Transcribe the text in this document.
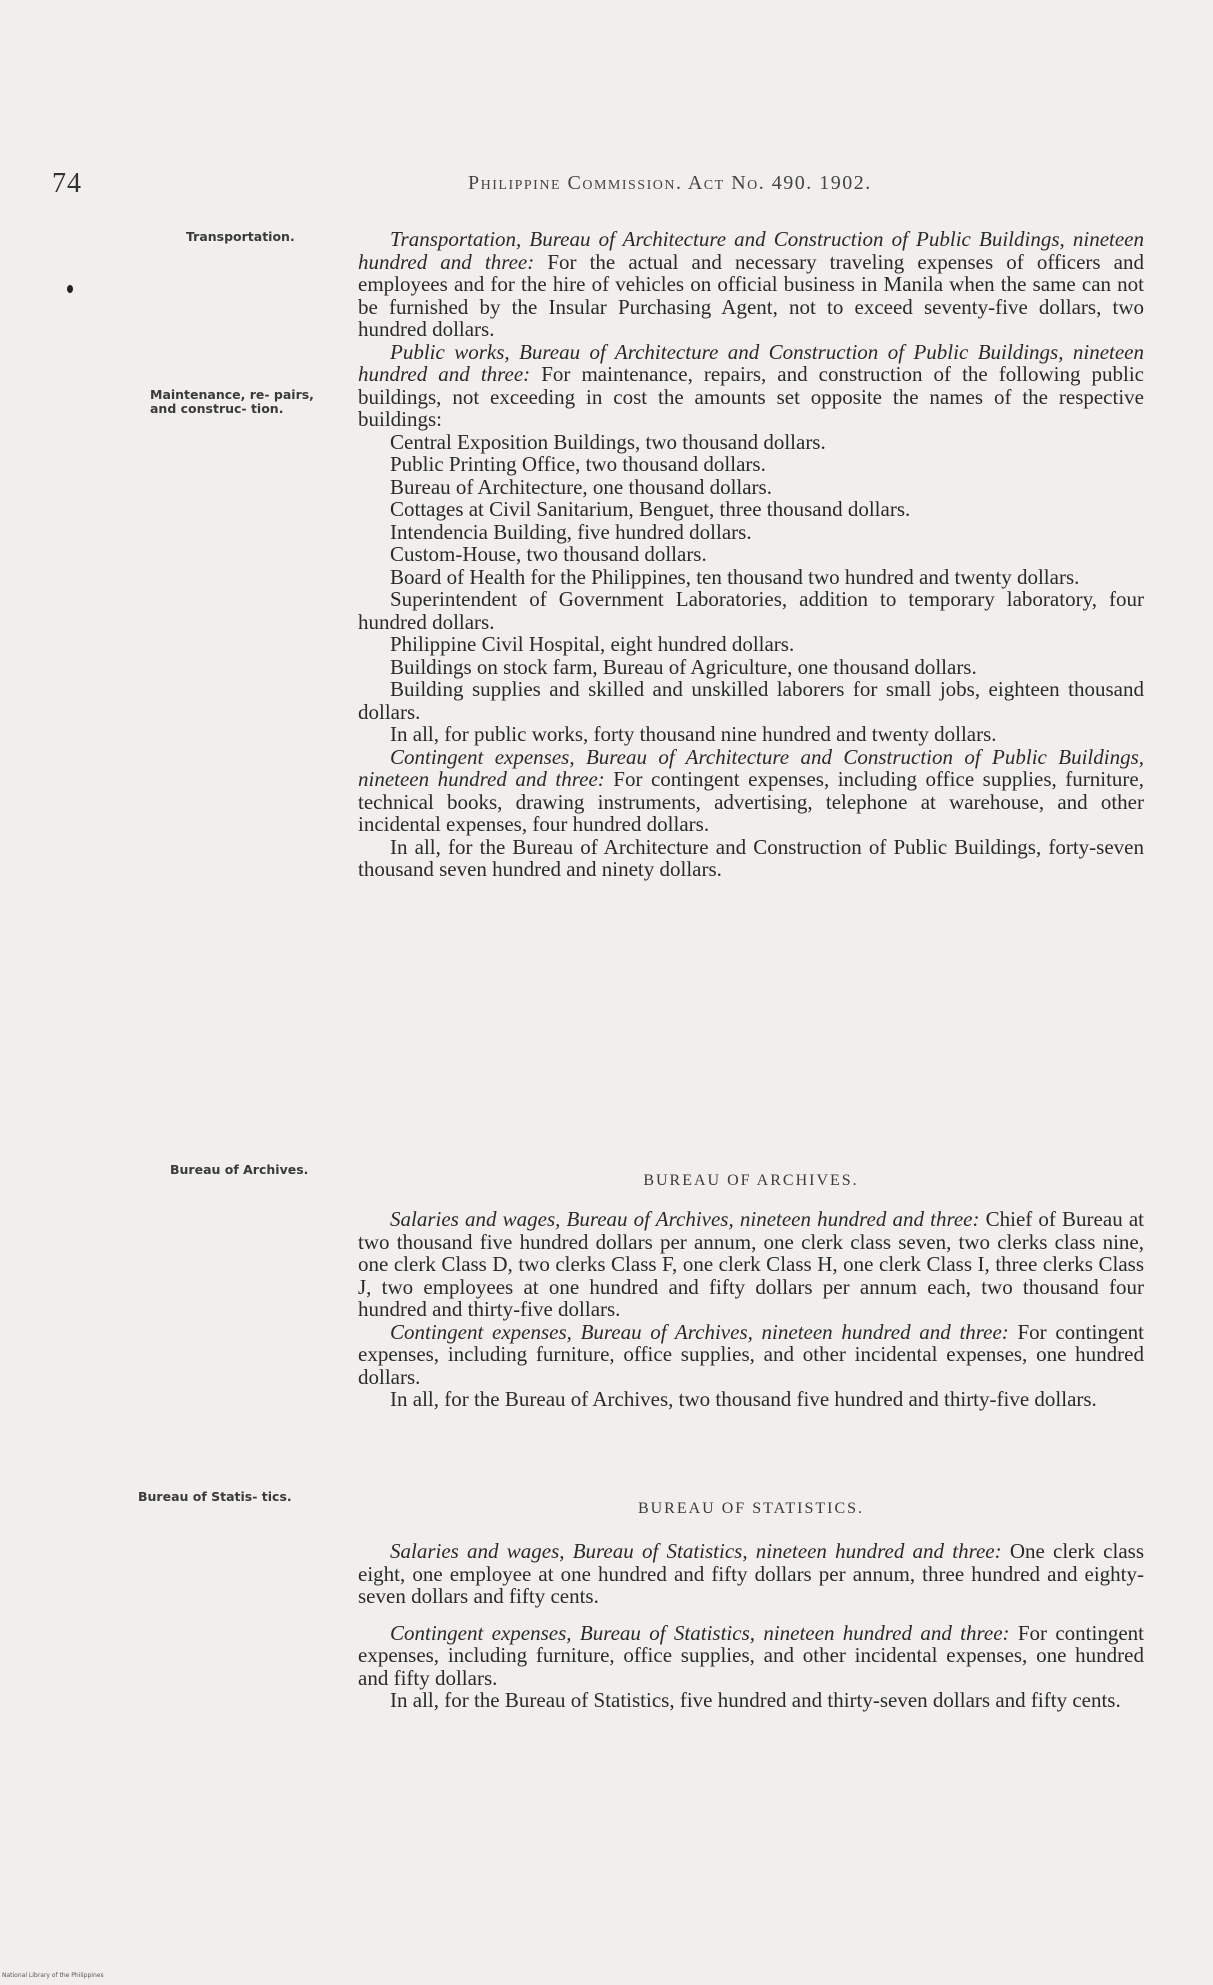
74	Philippine Commission. Act No. 490. 1902.
Transportation.
Maintenance, re- pairs, and construc- tion.
Bureau of Archives.
Bureau of Statis- tics.

Transportation, Bureau of Architecture and Construction of Public Buildings, nineteen hundred and three: For the actual and necessary traveling expenses of officers and employees and for the hire of vehicles on official business in Manila when the same can not be furnished by the Insular Purchasing Agent, not to exceed seventy-five dollars, two hundred dollars.

Public works, Bureau of Architecture and Construction of Public Buildings, nineteen hundred and three: For maintenance, repairs, and construction of the following public buildings, not exceeding in cost the amounts set opposite the names of the respective buildings:

Central Exposition Buildings, two thousand dollars.

Public Printing Office, two thousand dollars.

Bureau of Architecture, one thousand dollars.

Cottages at Civil Sanitarium, Benguet, three thousand dollars.

Intendencia Building, five hundred dollars.

Custom-House, two thousand dollars.

Board of Health for the Philippines, ten thousand two hundred and twenty dollars.

Superintendent of Government Laboratories, addition to temporary laboratory, four hundred dollars.

Philippine Civil Hospital, eight hundred dollars.

Buildings on stock farm, Bureau of Agriculture, one thousand dollars.

Building supplies and skilled and unskilled laborers for small jobs, eighteen thousand dollars.

In all, for public works, forty thousand nine hundred and twenty dollars.

Contingent expenses, Bureau of Architecture and Construction of Public Buildings, nineteen hundred and three: For contingent expenses, including office supplies, furniture, technical books, drawing instruments, advertising, telephone at warehouse, and other incidental expenses, four hundred dollars.

In all, for the Bureau of Architecture and Construction of Public Buildings, forty-seven thousand seven hundred and ninety dollars.

BUREAU OF ARCHIVES.

Salaries and wages, Bureau of Archives, nineteen hundred and three: Chief of Bureau at two thousand five hundred dollars per annum, one clerk class seven, two clerks class nine, one clerk Class D, two clerks Class F, one clerk Class H, one clerk Class I, three clerks Class J, two employees at one hundred and fifty dollars per annum each, two thousand four hundred and thirty-five dollars.

Contingent expenses, Bureau of Archives, nineteen hundred and three: For contingent expenses, including furniture, office supplies, and other incidental expenses, one hundred dollars.

In all, for the Bureau of Archives, two thousand five hundred and thirty-five dollars.

BUREAU OF STATISTICS.

Salaries and wages, Bureau of Statistics, nineteen hundred and three: One clerk class eight, one employee at one hundred and fifty dollars per annum, three hundred and eighty-seven dollars and fifty cents.

Contingent expenses, Bureau of Statistics, nineteen hundred and three: For contingent expenses, including furniture, office supplies, and other incidental expenses, one hundred and fifty dollars.

In all, for the Bureau of Statistics, five hundred and thirty-seven dollars and fifty cents.

National Library of the Philippines
